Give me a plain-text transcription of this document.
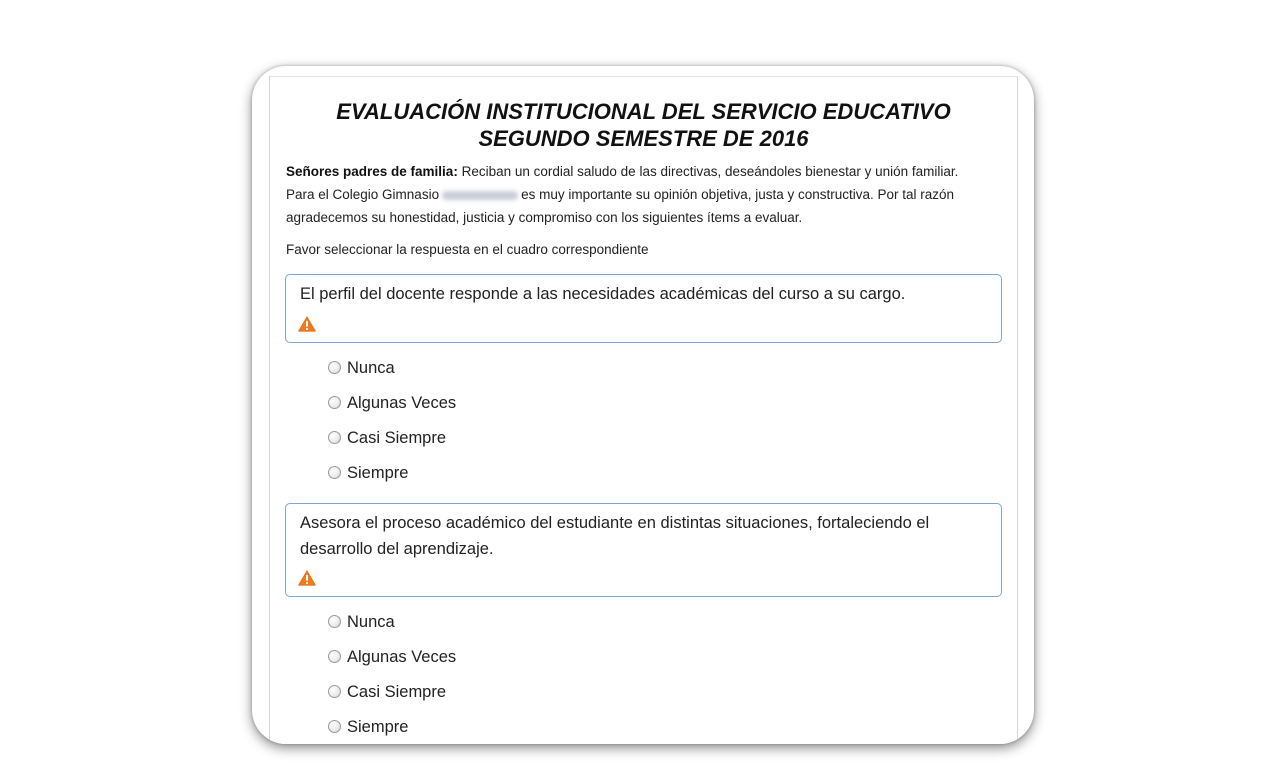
EVALUACIÓN INSTITUCIONAL DEL SERVICIO EDUCATIVO
SEGUNDO SEMESTRE DE 2016

Señores padres de familia: Reciban un cordial saludo de las directivas, deseándoles bienestar y unión familiar.
Para el Colegio Gimnasio	es muy importante su opinión objetiva, justa y constructiva. Por tal razón
agradecemos su honestidad, justicia y compromiso con los siguientes ítems a evaluar.

Favor seleccionar la respuesta en el cuadro correspondiente

El perfil del docente responde a las necesidades académicas del curso a su cargo.

Nunca
Algunas Veces
Casi Siempre
Siempre

Asesora el proceso académico del estudiante en distintas situaciones, fortaleciendo el desarrollo del aprendizaje.

Nunca
Algunas Veces
Casi Siempre
Siempre
